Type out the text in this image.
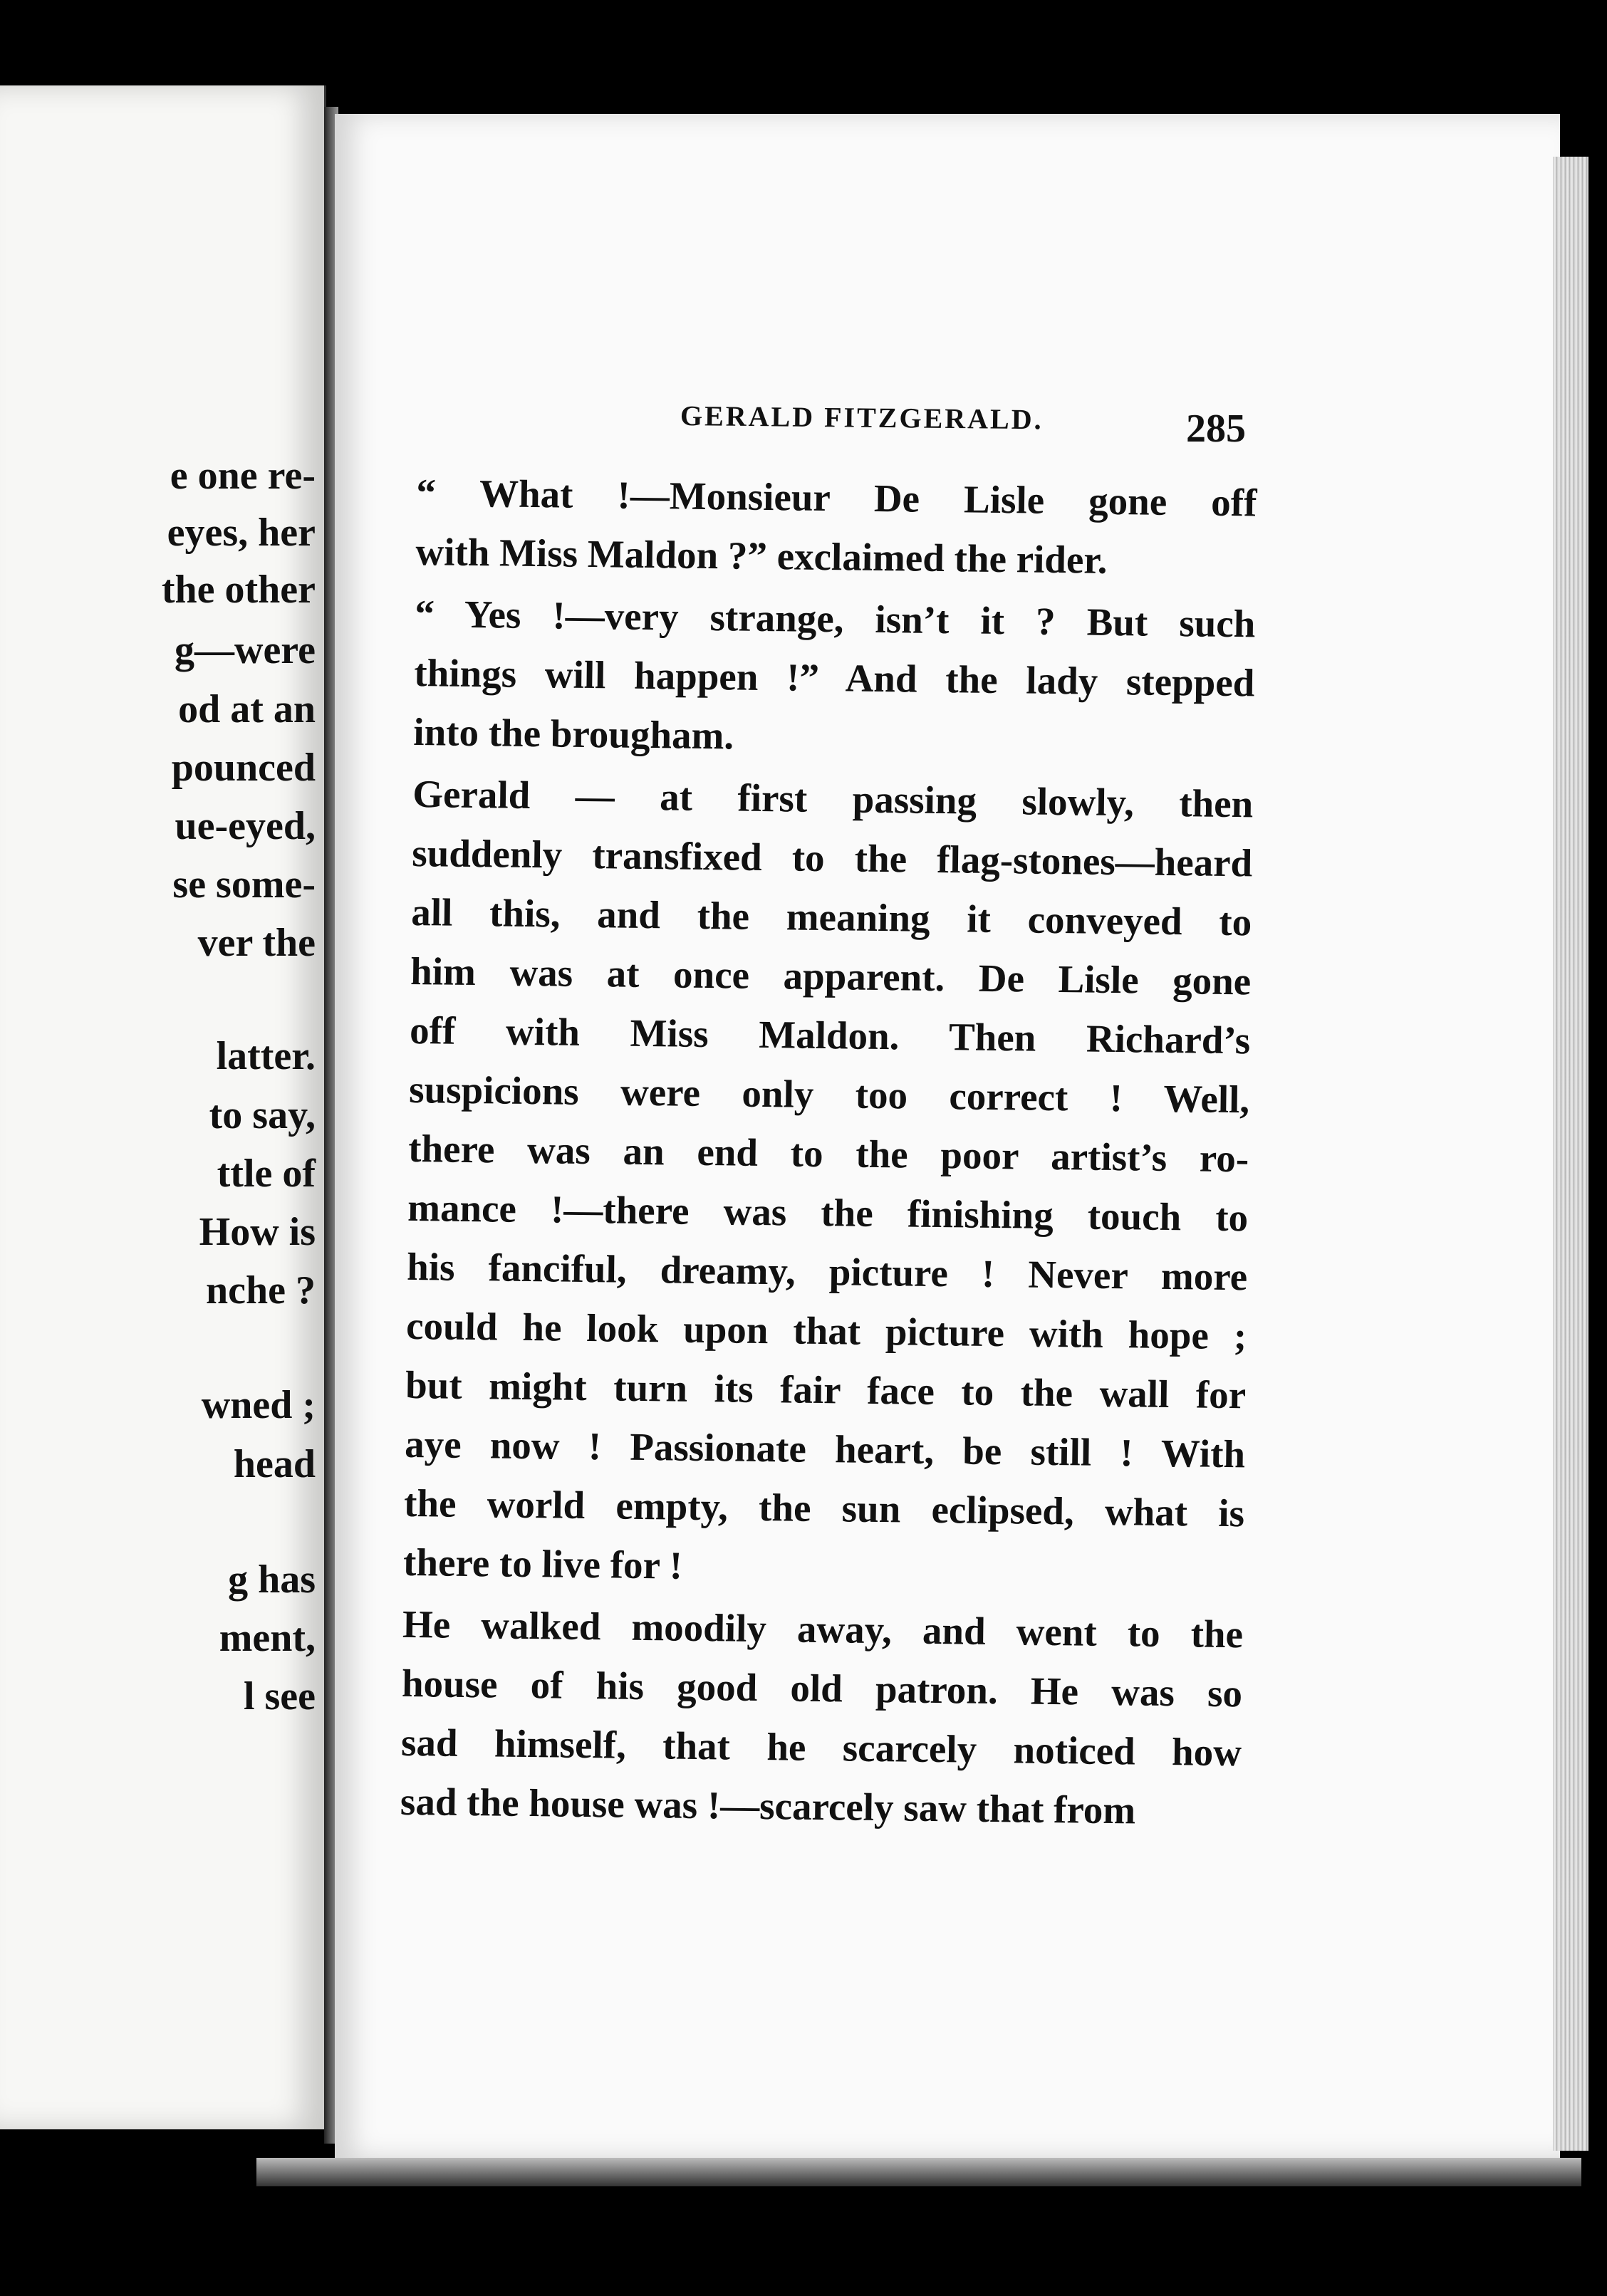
e one re-
eyes, her
the other
g—were
od at an
pounced
ue-eyed,
se some-
ver the
latter.
to say,
ttle of
How is
nche ?
wned ;
head
g has
ment,
l see
GERALD FITZGERALD.	285
“ What !—Monsieur De Lisle gone off
with Miss Maldon ?” exclaimed the rider.
“ Yes !—very strange, isn’t it ? But such
things will happen !” And the lady stepped
into the brougham.
Gerald — at first passing slowly, then
suddenly transfixed to the flag-stones—heard
all this, and the meaning it conveyed to
him was at once apparent. De Lisle gone
off with Miss Maldon. Then Richard’s
suspicions were only too correct ! Well,
there was an end to the poor artist’s ro-
mance !—there was the finishing touch to
his fanciful, dreamy, picture ! Never more
could he look upon that picture with hope ;
but might turn its fair face to the wall for
aye now ! Passionate heart, be still ! With
the world empty, the sun eclipsed, what is
there to live for !
He walked moodily away, and went to the
house of his good old patron. He was so
sad himself, that he scarcely noticed how
sad the house was !—scarcely saw that from
